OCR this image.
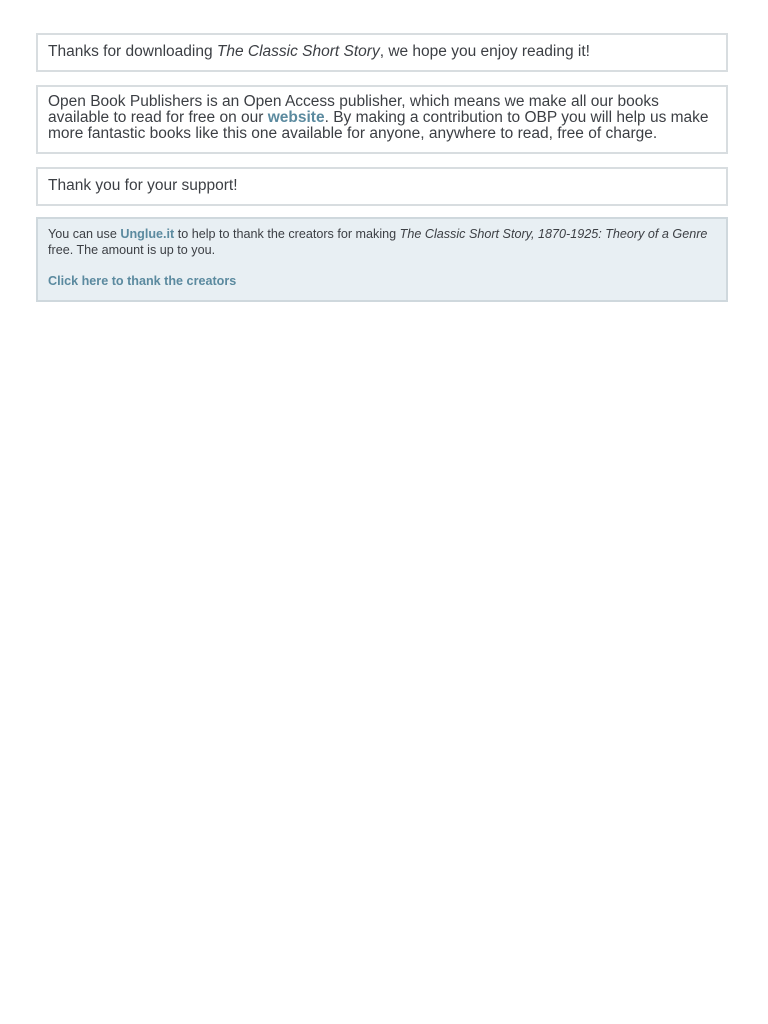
Thanks for downloading The Classic Short Story, we hope you enjoy reading it!

Open Book Publishers is an Open Access publisher, which means we make all our books available to read for free on our website. By making a contribution to OBP you will help us make more fantastic books like this one available for anyone, anywhere to read, free of charge.

Thank you for your support!

You can use Unglue.it to help to thank the creators for making The Classic Short Story, 1870-1925: Theory of a Genre free. The amount is up to you.

Click here to thank the creators
